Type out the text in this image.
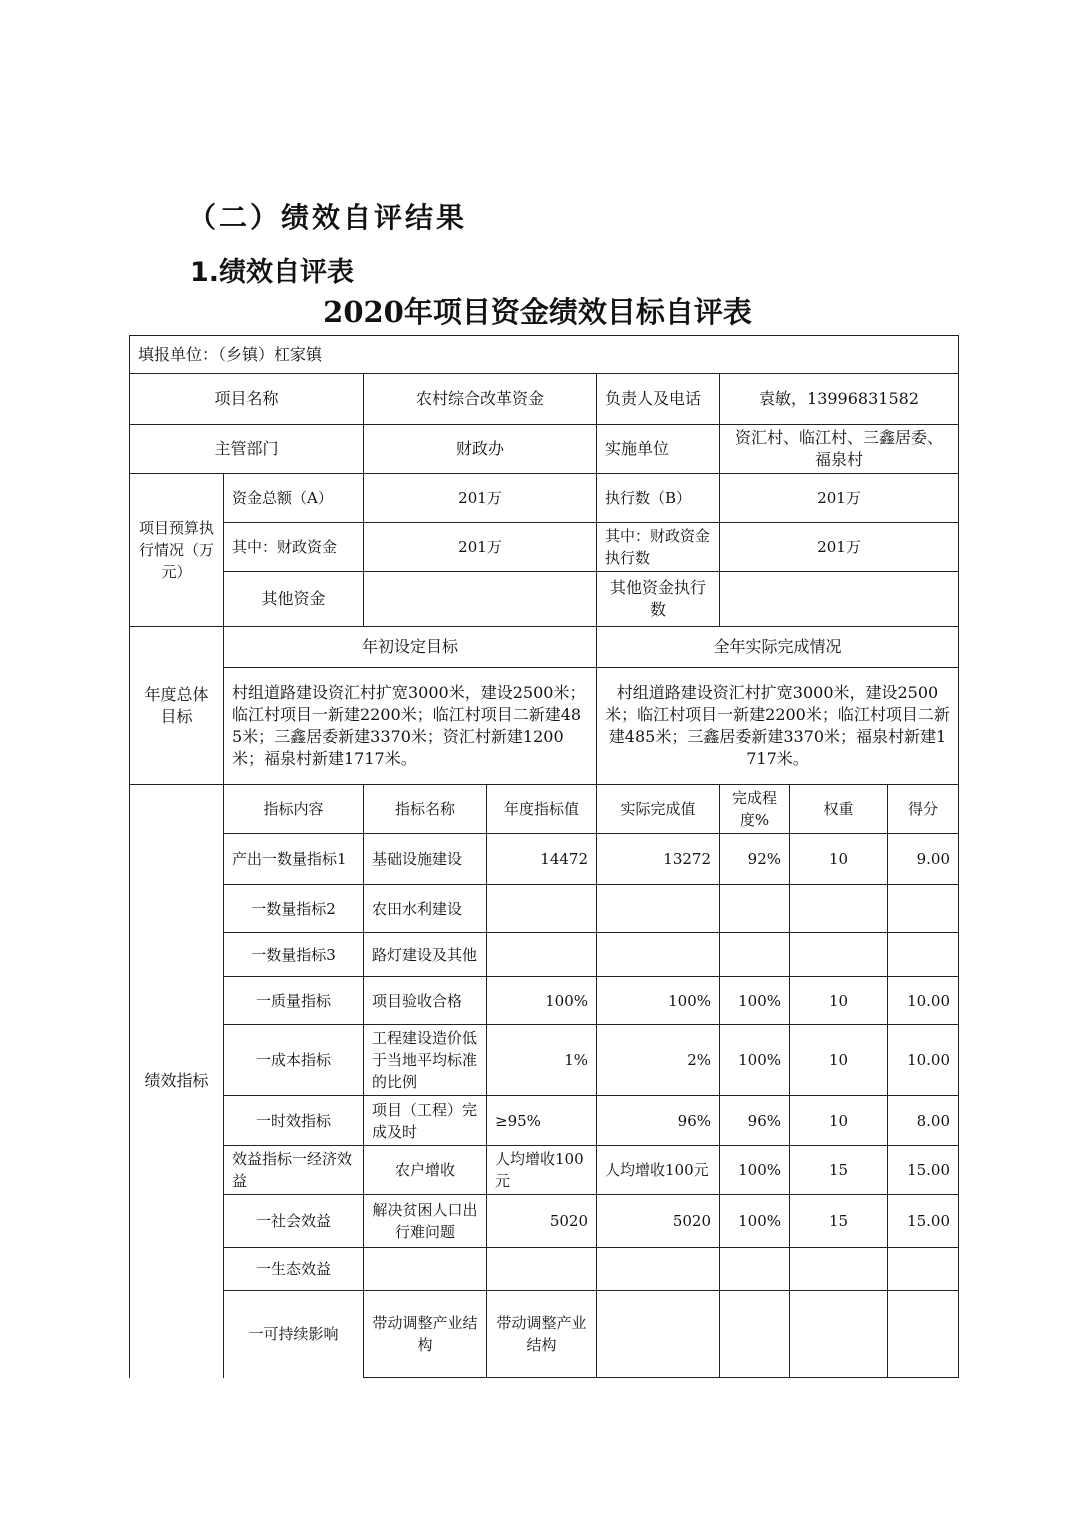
（二）绩效自评结果
1.绩效自评表
2020年项目资金绩效目标自评表
填报单位：（乡镇）杠家镇							
项目名称		农村综合改革资金		负责人及电话	袁敏，13996831582		
主管部门		财政办		实施单位	资汇村、临江村、三鑫居委、福泉村		
项目预算执行情况（万元）	资金总额（A）	201万		执行数（B）	201万		
	其中：财政资金	201万		其中：财政资金执行数	201万		
	其他资金			其他资金执行数			
年度总体目标	年初设定目标			全年实际完成情况			
	村组道路建设资汇村扩宽3000米，建设2500米；临江村项目一新建2200米；临江村项目二新建485米；三鑫居委新建3370米；资汇村新建1200米；福泉村新建1717米。			村组道路建设资汇村扩宽3000米，建设2500米；临江村项目一新建2200米；临江村项目二新建485米；三鑫居委新建3370米；福泉村新建1717米。			
绩效指标	指标内容	指标名称	年度指标值	实际完成值	完成程度%	权重	得分
	产出一数量指标1	基础设施建设	14472	13272	92%	10	9.00
	一数量指标2	农田水利建设					
	一数量指标3	路灯建设及其他					
	一质量指标	项目验收合格	100%	100%	100%	10	10.00
	一成本指标	工程建设造价低于当地平均标准的比例	1%	2%	100%	10	10.00
	一时效指标	项目（工程）完成及时	≥95%	96%	96%	10	8.00
	效益指标一经济效益	农户增收	人均增收100元	人均增收100元	100%	15	15.00
	一社会效益	解决贫困人口出行难问题	5020	5020	100%	15	15.00
	一生态效益						
	一可持续影响	带动调整产业结构	带动调整产业结构				
